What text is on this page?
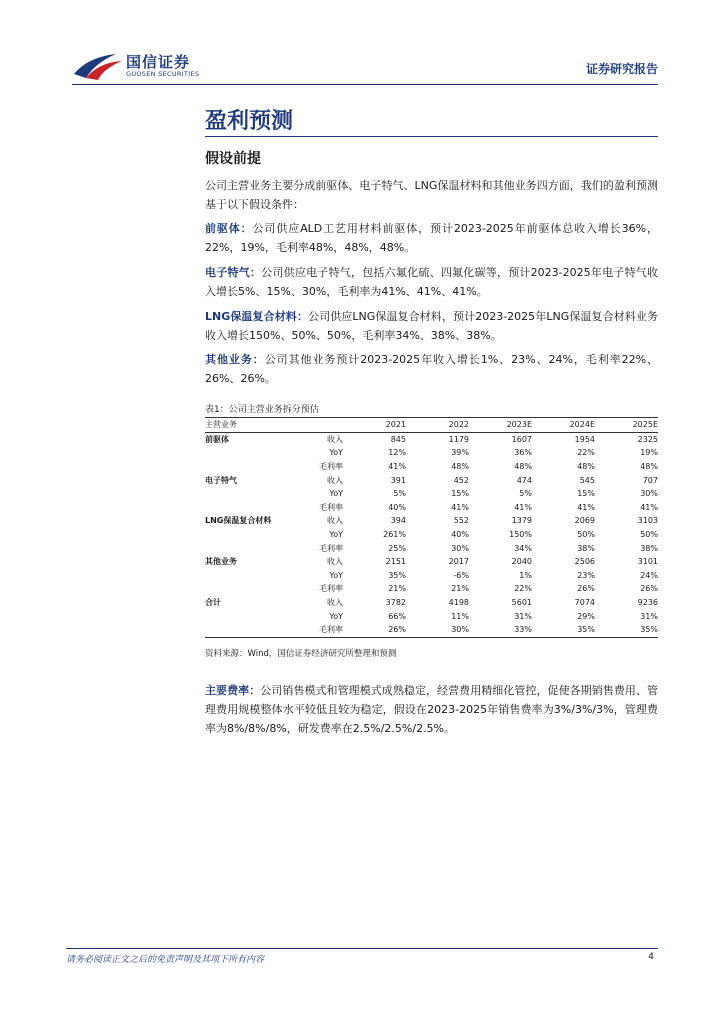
国信证券
GUOSEN SECURITIES	证券研究报告
盈利预测
假设前提
公司主营业务主要分成前驱体、电子特气、LNG保温材料和其他业务四方面，我们的盈利预测基于以下假设条件：
前驱体：公司供应ALD工艺用材料前驱体，预计2023-2025年前驱体总收入增长36%，22%，19%，毛利率48%，48%，48%。
电子特气：公司供应电子特气，包括六氟化硫、四氟化碳等，预计2023-2025年电子特气收入增长5%、15%、30%，毛利率为41%、41%、41%。
LNG保温复合材料：公司供应LNG保温复合材料，预计2023-2025年LNG保温复合材料业务收入增长150%、50%、50%，毛利率34%、38%、38%。
其他业务：公司其他业务预计2023-2025年收入增长1%、23%、24%，毛利率22%、26%、26%。
表1：公司主营业务拆分预估
主营业务		2021	2022	2023E	2024E	2025E
前驱体	收入	845	1179	1607	1954	2325
	YoY	12%	39%	36%	22%	19%
	毛利率	41%	48%	48%	48%	48%
电子特气	收入	391	452	474	545	707
	YoY	5%	15%	5%	15%	30%
	毛利率	40%	41%	41%	41%	41%
LNG保温复合材料	收入	394	552	1379	2069	3103
	YoY	261%	40%	150%	50%	50%
	毛利率	25%	30%	34%	38%	38%
其他业务	收入	2151	2017	2040	2506	3101
	YoY	35%	-6%	1%	23%	24%
	毛利率	21%	21%	22%	26%	26%
合计	收入	3782	4198	5601	7074	9236
	YoY	66%	11%	31%	29%	31%
	毛利率	26%	30%	33%	35%	35%
资料来源：Wind，国信证券经济研究所整理和预测
主要费率：公司销售模式和管理模式成熟稳定，经营费用精细化管控，促使各期销售费用、管理费用规模整体水平较低且较为稳定，假设在2023-2025年销售费率为3%/3%/3%，管理费率为8%/8%/8%，研发费率在2.5%/2.5%/2.5%。
请务必阅读正文之后的免责声明及其项下所有内容	4
